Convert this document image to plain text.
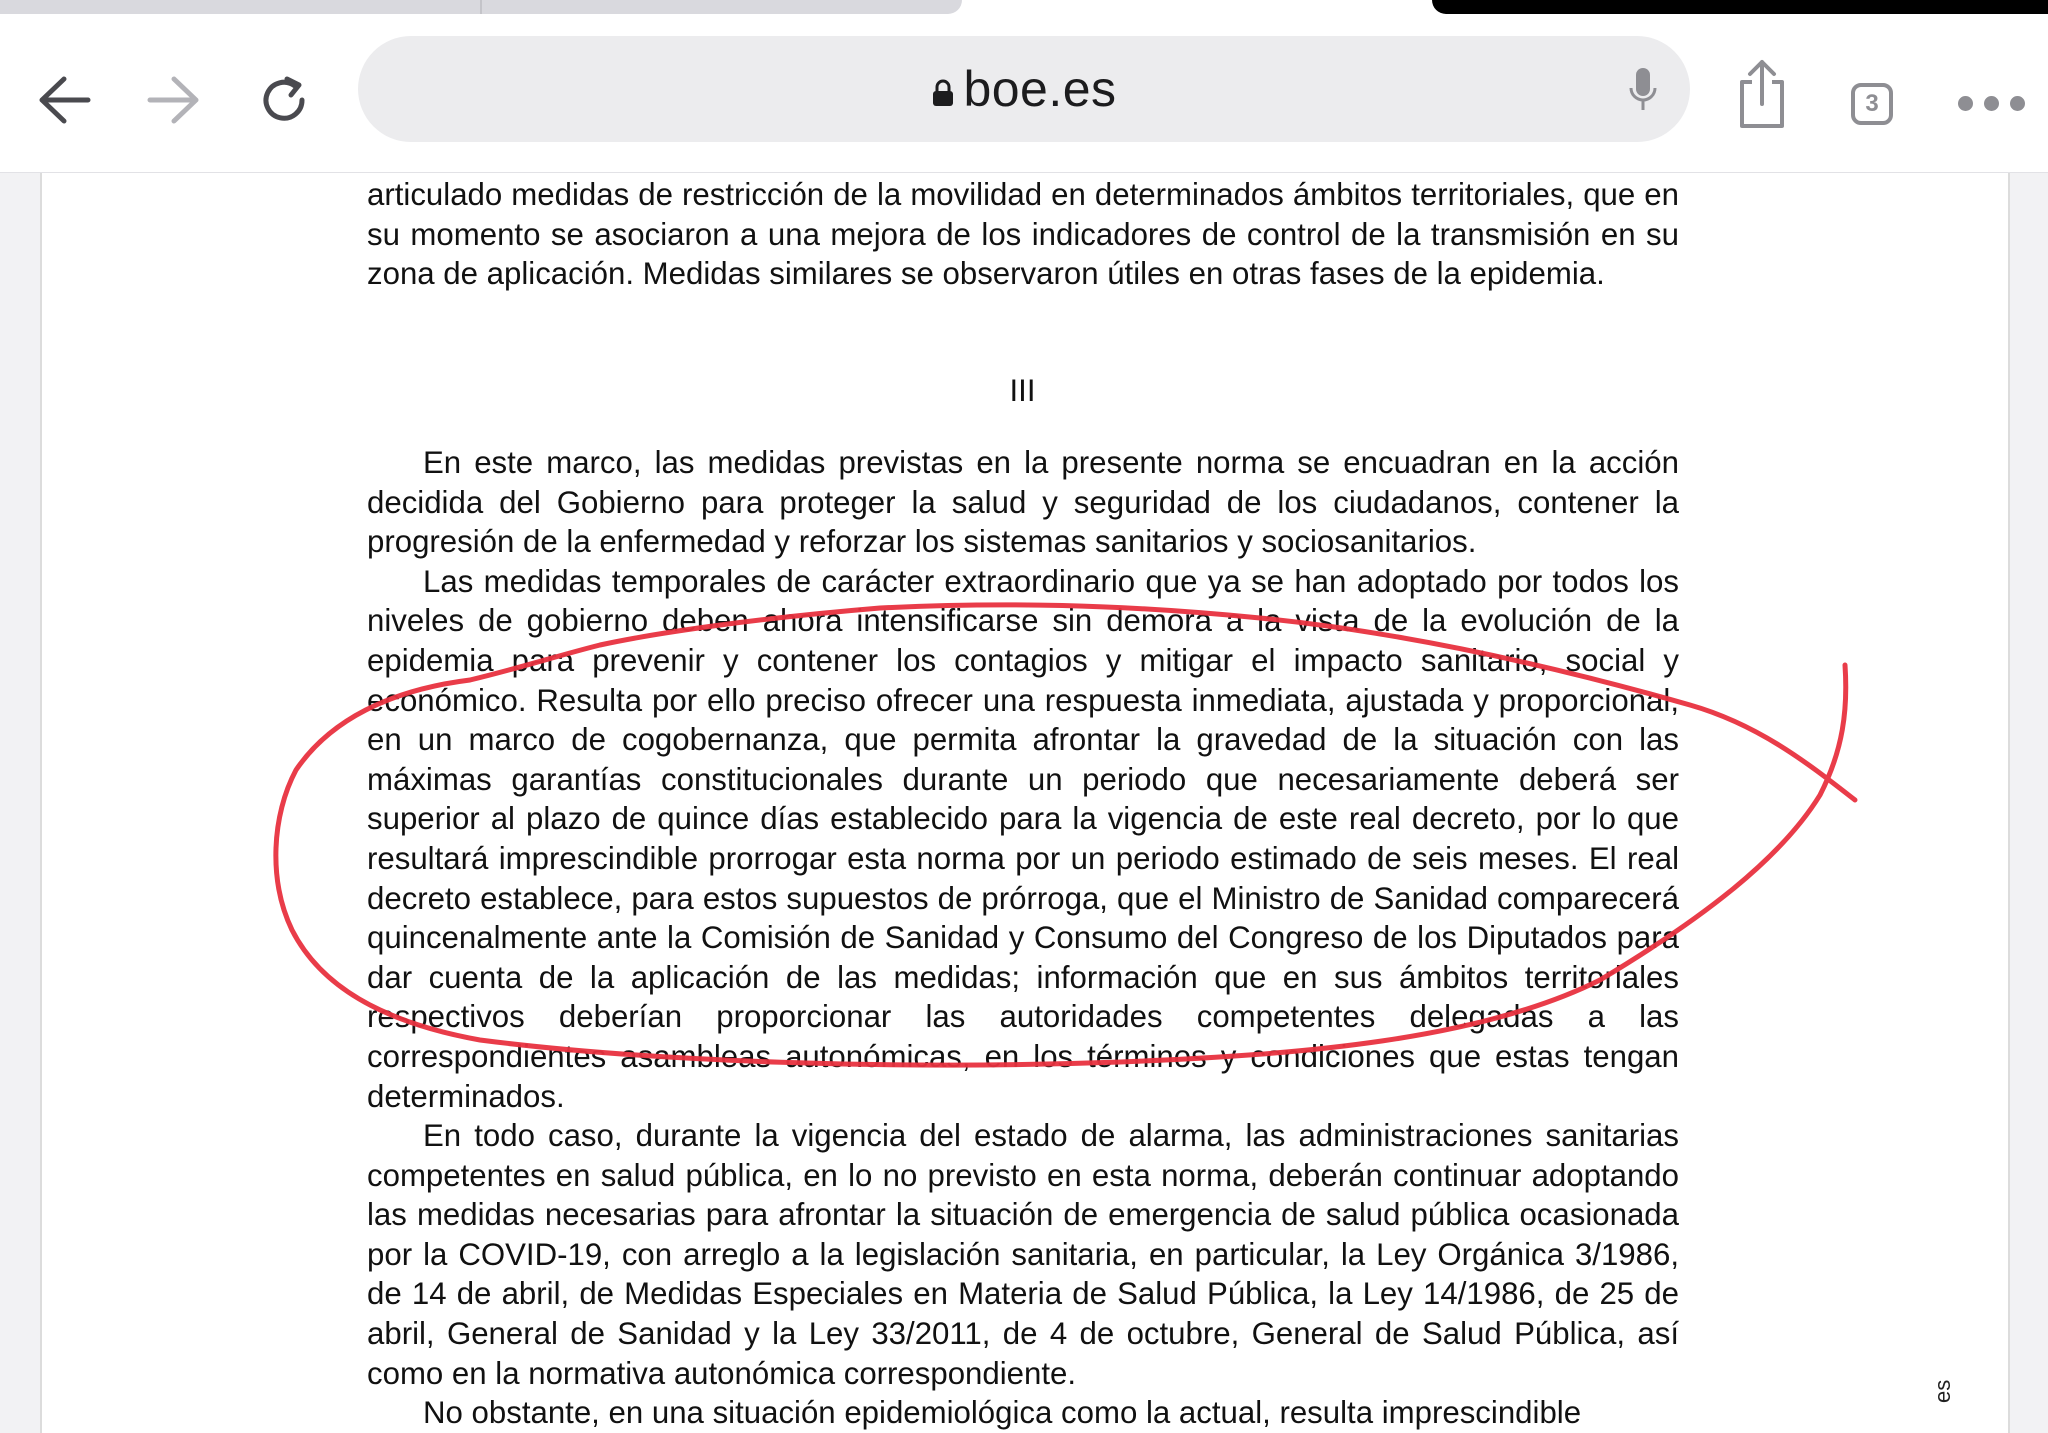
boe.es	3

articulado medidas de restricción de la movilidad en determinados ámbitos territoriales, que en su momento se asociaron a una mejora de los indicadores de control de la transmisión en su zona de aplicación. Medidas similares se observaron útiles en otras fases de la epidemia.

III

En este marco, las medidas previstas en la presente norma se encuadran en la acción decidida del Gobierno para proteger la salud y seguridad de los ciudadanos, contener la progresión de la enfermedad y reforzar los sistemas sanitarios y sociosanitarios.

Las medidas temporales de carácter extraordinario que ya se han adoptado por todos los niveles de gobierno deben ahora intensificarse sin demora a la vista de la evolución de la epidemia para prevenir y contener los contagios y mitigar el impacto sanitario, social y económico. Resulta por ello preciso ofrecer una respuesta inmediata, ajustada y proporcional, en un marco de cogobernanza, que permita afrontar la gravedad de la situación con las máximas garantías constitucionales durante un periodo que necesariamente deberá ser superior al plazo de quince días establecido para la vigencia de este real decreto, por lo que resultará imprescindible prorrogar esta norma por un periodo estimado de seis meses. El real decreto establece, para estos supuestos de prórroga, que el Ministro de Sanidad comparecerá quincenalmente ante la Comisión de Sanidad y Consumo del Congreso de los Diputados para dar cuenta de la aplicación de las medidas; información que en sus ámbitos territoriales respectivos deberían proporcionar las autoridades competentes delegadas a las correspondientes asambleas autonómicas, en los términos y condiciones que estas tengan determinados.

En todo caso, durante la vigencia del estado de alarma, las administraciones sanitarias competentes en salud pública, en lo no previsto en esta norma, deberán continuar adoptando las medidas necesarias para afrontar la situación de emergencia de salud pública ocasionada por la COVID-19, con arreglo a la legislación sanitaria, en particular, la Ley Orgánica 3/1986, de 14 de abril, de Medidas Especiales en Materia de Salud Pública, la Ley 14/1986, de 25 de abril, General de Sanidad y la Ley 33/2011, de 4 de octubre, General de Salud Pública, así como en la normativa autonómica correspondiente.

No obstante, en una situación epidemiológica como la actual, resulta imprescindible

es
